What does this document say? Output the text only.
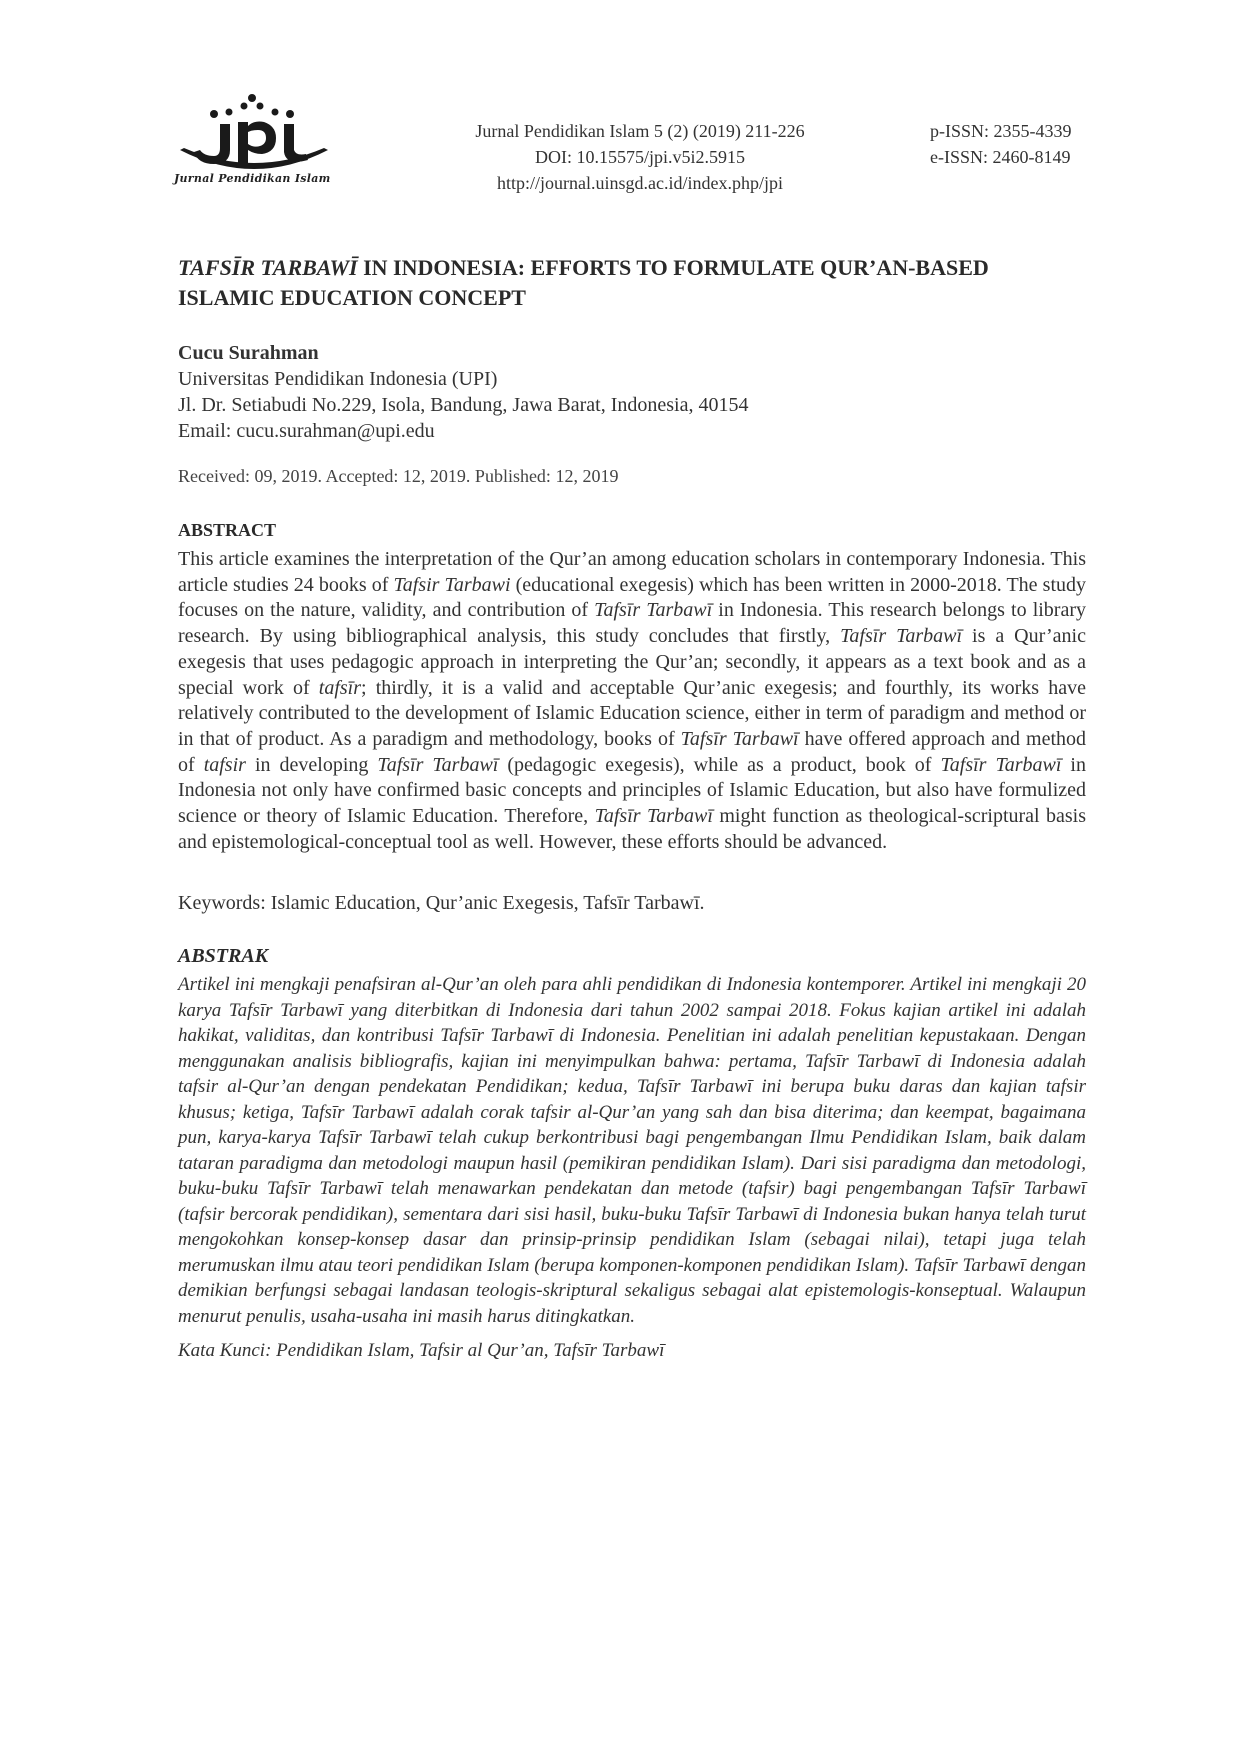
Jurnal Pendidikan Islam
Jurnal Pendidikan Islam 5 (2) (2019) 211-226
DOI: 10.15575/jpi.v5i2.5915
http://journal.uinsgd.ac.id/index.php/jpi
p-ISSN: 2355-4339
e-ISSN: 2460-8149
TAFSĪR TARBAWĪ IN INDONESIA: EFFORTS TO FORMULATE QUR’AN-BASED ISLAMIC EDUCATION CONCEPT
Cucu Surahman
Universitas Pendidikan Indonesia (UPI)
Jl. Dr. Setiabudi No.229, Isola, Bandung, Jawa Barat, Indonesia, 40154
Email: cucu.surahman@upi.edu
Received: 09, 2019. Accepted: 12, 2019. Published: 12, 2019
ABSTRACT
This article examines the interpretation of the Qur’an among education scholars in contemporary Indonesia. This article studies 24 books of Tafsir Tarbawi (educational exegesis) which has been written in 2000-2018. The study focuses on the nature, validity, and contribution of Tafsīr Tarbawī in Indonesia. This research belongs to library research. By using bibliographical analysis, this study concludes that firstly, Tafsīr Tarbawī is a Qur’anic exegesis that uses pedagogic approach in interpreting the Qur’an; secondly, it appears as a text book and as a special work of tafsīr; thirdly, it is a valid and acceptable Qur’anic exegesis; and fourthly, its works have relatively contributed to the development of Islamic Education science, either in term of paradigm and method or in that of product. As a paradigm and methodology, books of Tafsīr Tarbawī have offered approach and method of tafsir in developing Tafsīr Tarbawī (pedagogic exegesis), while as a product, book of Tafsīr Tarbawī in Indonesia not only have confirmed basic concepts and principles of Islamic Education, but also have formulized science or theory of Islamic Education. Therefore, Tafsīr Tarbawī might function as theological-scriptural basis and epistemological-conceptual tool as well. However, these efforts should be advanced.
Keywords: Islamic Education, Qur’anic Exegesis, Tafsīr Tarbawī.
ABSTRAK
Artikel ini mengkaji penafsiran al-Qur’an oleh para ahli pendidikan di Indonesia kontemporer. Artikel ini mengkaji 20 karya Tafsīr Tarbawī yang diterbitkan di Indonesia dari tahun 2002 sampai 2018. Fokus kajian artikel ini adalah hakikat, validitas, dan kontribusi Tafsīr Tarbawī di Indonesia. Penelitian ini adalah penelitian kepustakaan. Dengan menggunakan analisis bibliografis, kajian ini menyimpulkan bahwa: pertama, Tafsīr Tarbawī di Indonesia adalah tafsir al-Qur’an dengan pendekatan Pendidikan; kedua, Tafsīr Tarbawī ini berupa buku daras dan kajian tafsir khusus; ketiga, Tafsīr Tarbawī adalah corak tafsir al-Qur’an yang sah dan bisa diterima; dan keempat, bagaimana pun, karya-karya Tafsīr Tarbawī telah cukup berkontribusi bagi pengembangan Ilmu Pendidikan Islam, baik dalam tataran paradigma dan metodologi maupun hasil (pemikiran pendidikan Islam). Dari sisi paradigma dan metodologi, buku-buku Tafsīr Tarbawī telah menawarkan pendekatan dan metode (tafsir) bagi pengembangan Tafsīr Tarbawī (tafsir bercorak pendidikan), sementara dari sisi hasil, buku-buku Tafsīr Tarbawī di Indonesia bukan hanya telah turut mengokohkan konsep-konsep dasar dan prinsip-prinsip pendidikan Islam (sebagai nilai), tetapi juga telah merumuskan ilmu atau teori pendidikan Islam (berupa komponen-komponen pendidikan Islam). Tafsīr Tarbawī dengan demikian berfungsi sebagai landasan teologis-skriptural sekaligus sebagai alat epistemologis-konseptual. Walaupun menurut penulis, usaha-usaha ini masih harus ditingkatkan.
Kata Kunci: Pendidikan Islam, Tafsir al Qur’an, Tafsīr Tarbawī
